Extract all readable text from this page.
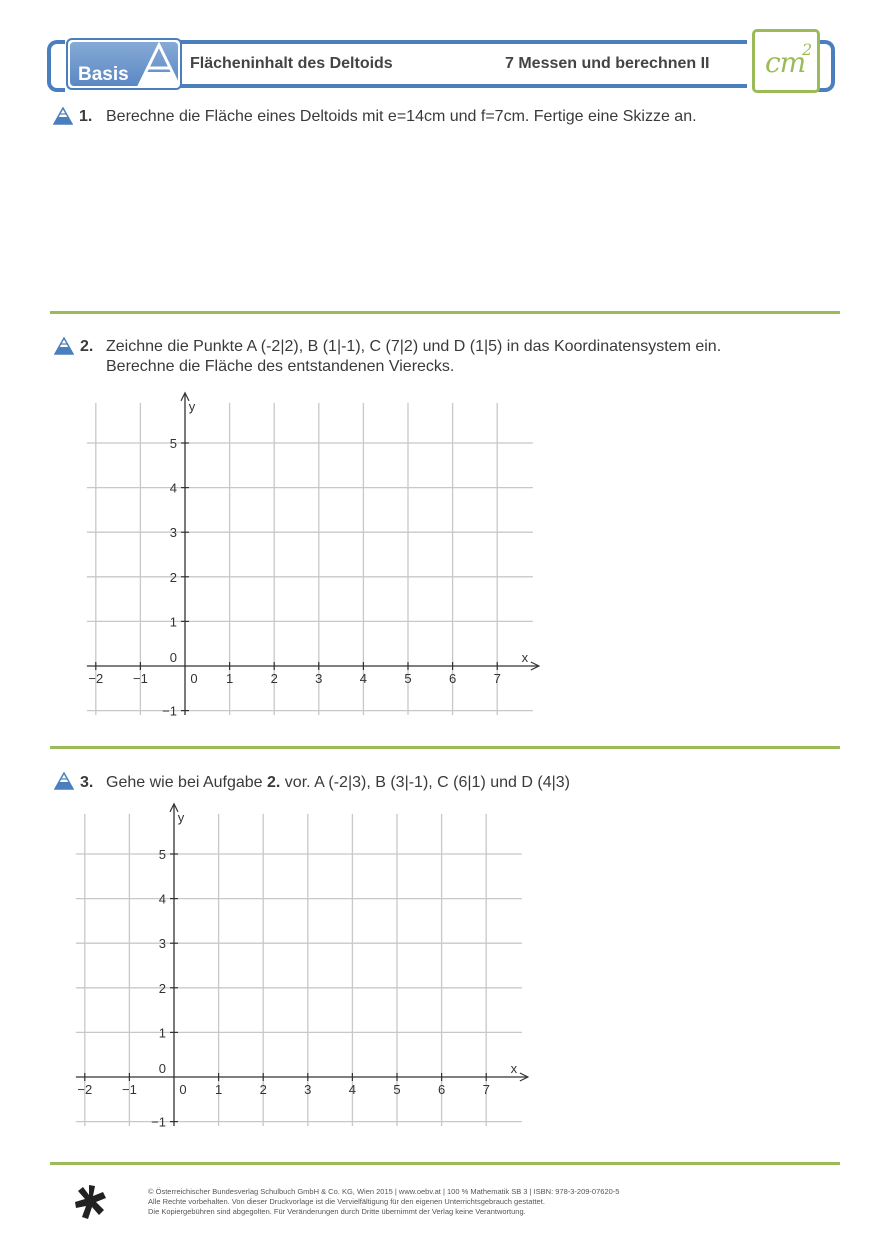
Basis
Flächeninhalt des Deltoids	7 Messen und berechnen II cm
2
1. Berechne die Fläche eines Deltoids mit e=14cm und f=7cm. Fertige eine Skizze an.
2. Zeichne die Punkte A (-2|2), B (1|-1), C (7|2) und D (1|5) in das Koordinatensystem ein.
Berechne die Fläche des entstandenen Vierecks.
−2 −1	1	2	3	4	5	6	7
5
4
3
2
1
−1
0
0
x
y
3. Gehe wie bei Aufgabe 2. vor. A (-2|3), B (3|-1), C (6|1) und D (4|3)
−2 −1	1	2	3	4	5	6	7
5
4
3
2
1
−1
0
0
x
y
© Österreichischer Bundesverlag Schulbuch GmbH & Co. KG, Wien 2015 | www.oebv.at | 100 % Mathematik SB 3 | ISBN: 978-3-209-07620-5
Alle Rechte vorbehalten. Von dieser Druckvorlage ist die Vervielfältigung für den eigenen Unterrichtsgebrauch gestattet.
Die Kopiergebühren sind abgegolten. Für Veränderungen durch Dritte übernimmt der Verlag keine Verantwortung.
